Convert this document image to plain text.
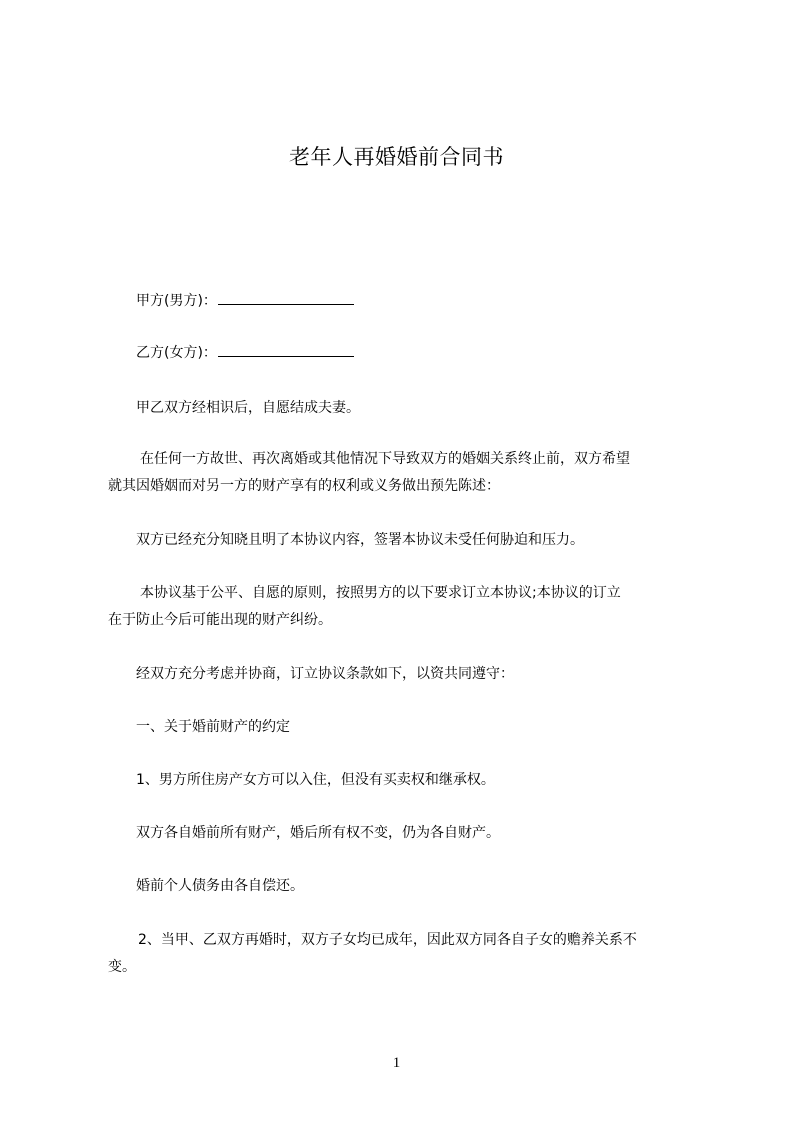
老年人再婚婚前合同书
甲方(男方)：
乙方(女方)：
甲乙双方经相识后，自愿结成夫妻。
在任何一方故世、再次离婚或其他情况下导致双方的婚姻关系终止前，双方希望
就其因婚姻而对另一方的财产享有的权利或义务做出预先陈述：
双方已经充分知晓且明了本协议内容，签署本协议未受任何胁迫和压力。
本协议基于公平、自愿的原则，按照男方的以下要求订立本协议;本协议的订立
在于防止今后可能出现的财产纠纷。
经双方充分考虑并协商，订立协议条款如下，以资共同遵守：
一、关于婚前财产的约定
1、男方所住房产女方可以入住，但没有买卖权和继承权。
双方各自婚前所有财产，婚后所有权不变，仍为各自财产。
婚前个人债务由各自偿还。
2、当甲、乙双方再婚时，双方子女均已成年，因此双方同各自子女的赡养关系不
变。
1
